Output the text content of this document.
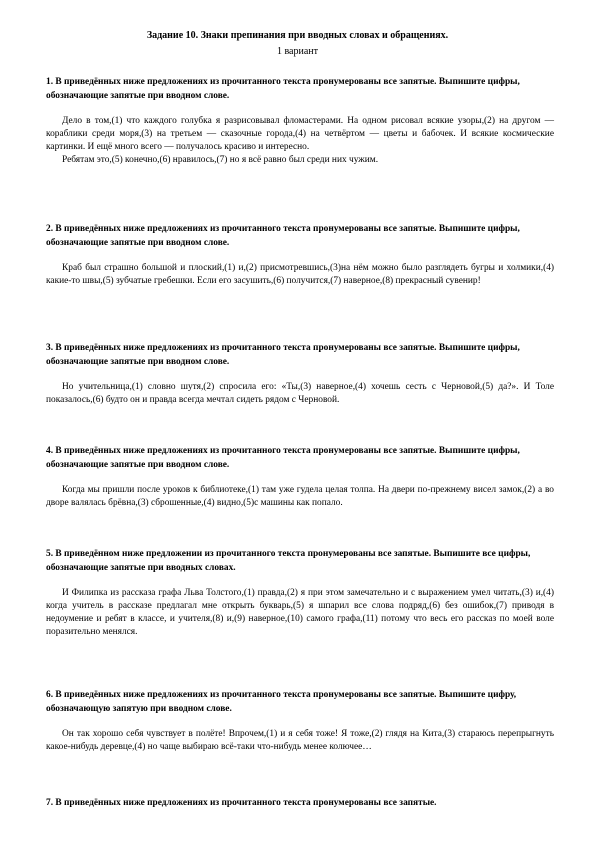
Задание 10. Знаки препинания при вводных словах и обращениях.
1 вариант

1. В приведённых ниже предложениях из прочитанного текста пронумерованы все запятые. Выпишите цифры, обозначающие запятые при вводном слове.

Дело в том,(1) что каждого голубка я разрисовывал фломастерами. На одном рисовал всякие узоры,(2) на другом — кораблики среди моря,(3) на третьем — сказочные города,(4) на четвёртом — цветы и бабочек. И всякие космические картинки. И ещё много всего — получалось красиво и интересно.

Ребятам это,(5) конечно,(6) нравилось,(7) но я всё равно был среди них чужим.

2. В приведённых ниже предложениях из прочитанного текста пронумерованы все запятые. Выпишите цифры, обозначающие запятые при вводном слове.

Краб был страшно большой и плоский,(1) и,(2) присмотревшись,(3)на нём можно было разглядеть бугры и холмики,(4) какие-то швы,(5) зубчатые гребешки. Если его засушить,(6) получится,(7) наверное,(8) прекрасный сувенир!

3. В приведённых ниже предложениях из прочитанного текста пронумерованы все запятые. Выпишите цифры, обозначающие запятые при вводном слове.

Но учительница,(1) словно шутя,(2) спросила его: «Ты,(3) наверное,(4) хочешь сесть с Черновой,(5) да?». И Толе показалось,(6) будто он и правда всегда мечтал сидеть рядом с Черновой.

4. В приведённых ниже предложениях из прочитанного текста пронумерованы все запятые. Выпишите цифры, обозначающие запятые при вводном слове.

Когда мы пришли после уроков к библиотеке,(1) там уже гудела целая толпа. На двери по-прежнему висел замок,(2) а во дворе валялась брёвна,(3) сброшенные,(4) видно,(5)с машины как попало.

5. В приведённом ниже предложении из прочитанного текста пронумерованы все запятые. Выпишите все цифры, обозначающие запятые при вводных словах.

И Филипка из рассказа графа Льва Толстого,(1) правда,(2) я при этом замечательно и с выражением умел читать,(3) и,(4) когда учитель в рассказе предлагал мне открыть букварь,(5) я шпарил все слова подряд,(6) без ошибок,(7) приводя в недоумение и ребят в классе, и учителя,(8) и,(9) наверное,(10) самого графа,(11) потому что весь его рассказ по моей воле поразительно менялся.

6. В приведённых ниже предложениях из прочитанного текста пронумерованы все запятые. Выпишите цифру, обозначающую запятую при вводном слове.

Он так хорошо себя чувствует в полёте! Впрочем,(1) и я себя тоже! Я тоже,(2) глядя на Кита,(3) стараюсь перепрыгнуть какое-нибудь деревце,(4) но чаще выбираю всё-таки что-нибудь менее колючее…

7. В приведённых ниже предложениях из прочитанного текста пронумерованы все запятые.
